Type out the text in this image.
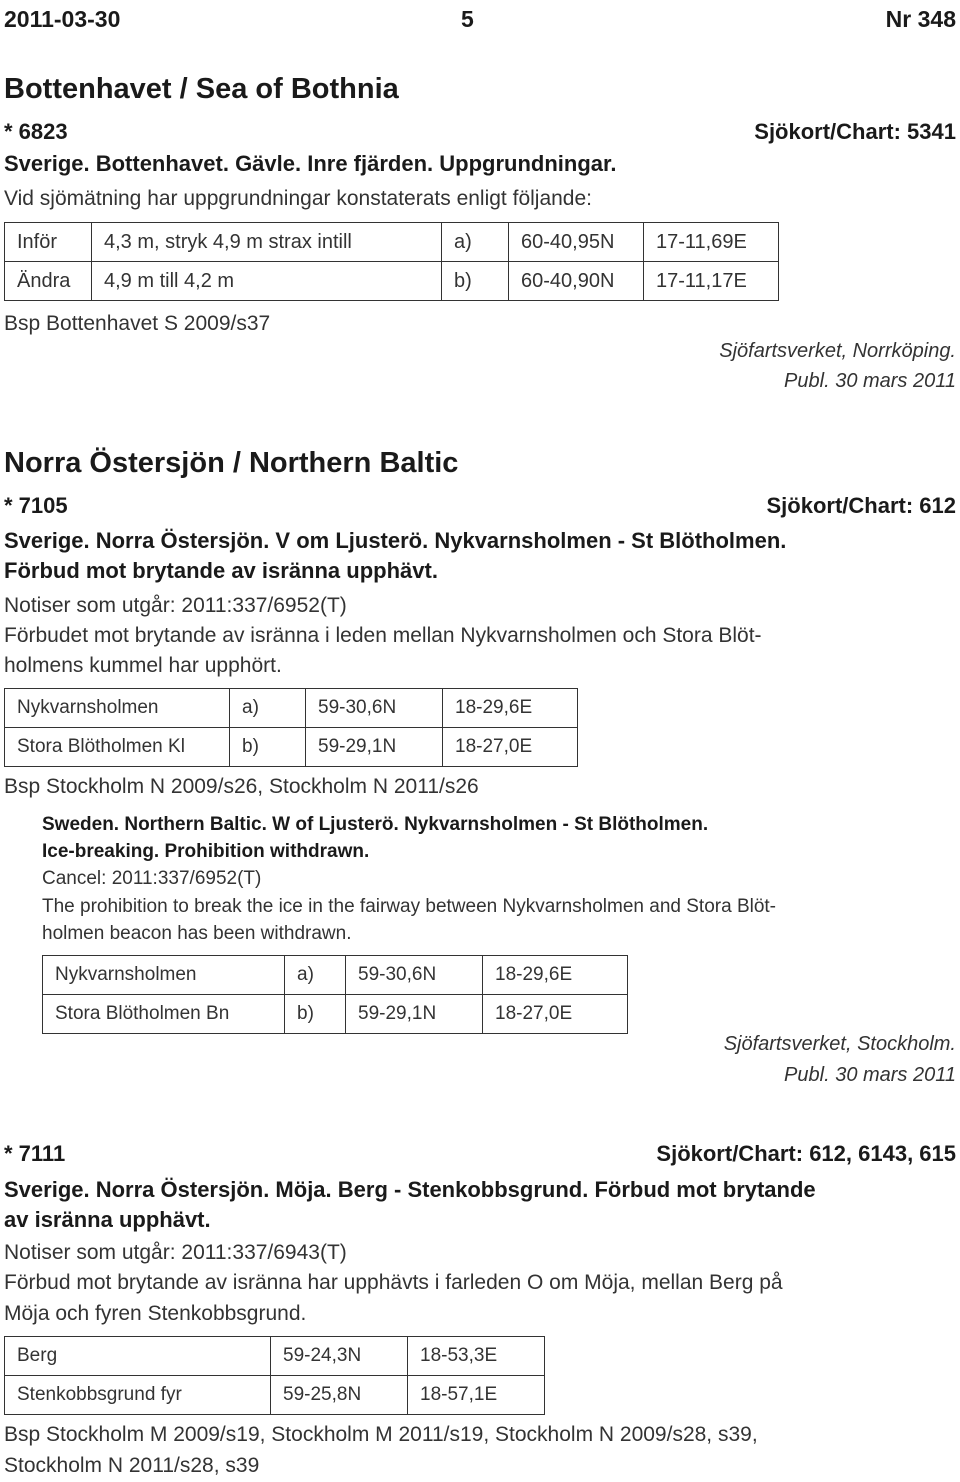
2011-03-30	5	Nr 348
Bottenhavet / Sea of Bothnia
* 6823	Sjökort/Chart: 5341
Sverige. Bottenhavet. Gävle. Inre fjärden. Uppgrundningar.
Vid sjömätning har uppgrundningar konstaterats enligt följande:
Inför	4,3 m, stryk 4,9 m strax intill	a)	60-40,95N	17-11,69E
Ändra	4,9 m till 4,2 m	b)	60-40,90N	17-11,17E
Bsp Bottenhavet S 2009/s37
Sjöfartsverket, Norrköping.
Publ. 30 mars 2011
Norra Östersjön / Northern Baltic
* 7105	Sjökort/Chart: 612
Sverige. Norra Östersjön. V om Ljusterö. Nykvarnsholmen - St Blötholmen.
Förbud mot brytande av isränna upphävt.
Notiser som utgår: 2011:337/6952(T)
Förbudet mot brytande av isränna i leden mellan Nykvarnsholmen och Stora Blöt-
holmens kummel har upphört.
Nykvarnsholmen	a)	59-30,6N	18-29,6E
Stora Blötholmen Kl	b)	59-29,1N	18-27,0E
Bsp Stockholm N 2009/s26, Stockholm N 2011/s26
Sweden. Northern Baltic. W of Ljusterö. Nykvarnsholmen - St Blötholmen.
Ice-breaking. Prohibition withdrawn.
Cancel: 2011:337/6952(T)
The prohibition to break the ice in the fairway between Nykvarnsholmen and Stora Blöt-
holmen beacon has been withdrawn.
Nykvarnsholmen	a)	59-30,6N	18-29,6E
Stora Blötholmen Bn	b)	59-29,1N	18-27,0E
Sjöfartsverket, Stockholm.
Publ. 30 mars 2011
* 7111	Sjökort/Chart: 612, 6143, 615
Sverige. Norra Östersjön. Möja. Berg - Stenkobbsgrund. Förbud mot brytande
av isränna upphävt.
Notiser som utgår: 2011:337/6943(T)
Förbud mot brytande av isränna har upphävts i farleden O om Möja, mellan Berg på
Möja och fyren Stenkobbsgrund.
Berg	59-24,3N	18-53,3E
Stenkobbsgrund fyr	59-25,8N	18-57,1E
Bsp Stockholm M 2009/s19, Stockholm M 2011/s19, Stockholm N 2009/s28, s39,
Stockholm N 2011/s28, s39
